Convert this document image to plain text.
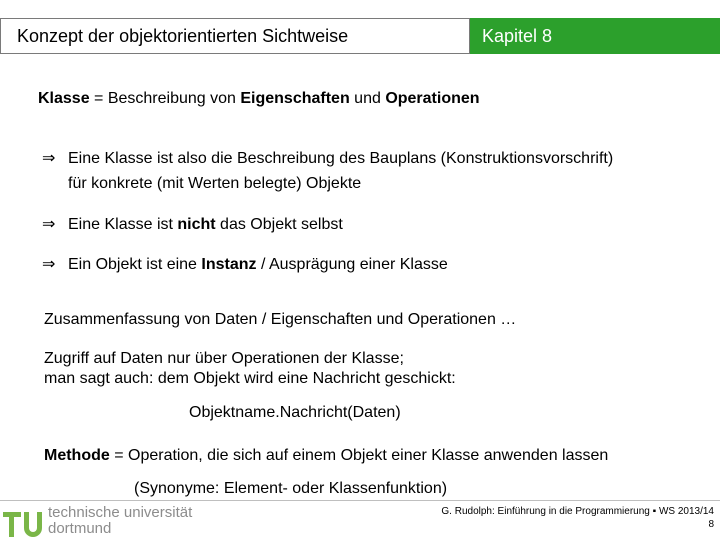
Konzept der objektorientierten Sichtweise	Kapitel 8
Klasse = Beschreibung von Eigenschaften und Operationen
⇒ Eine Klasse ist also die Beschreibung des Bauplans (Konstruktionsvorschrift)
für konkrete (mit Werten belegte) Objekte
⇒ Eine Klasse ist nicht das Objekt selbst
⇒ Ein Objekt ist eine Instanz / Ausprägung einer Klasse
Zusammenfassung von Daten / Eigenschaften und Operationen …
Zugriff auf Daten nur über Operationen der Klasse;
man sagt auch: dem Objekt wird eine Nachricht geschickt:
Objektname.Nachricht(Daten)
Methode = Operation, die sich auf einem Objekt einer Klasse anwenden lassen
(Synonyme: Element- oder Klassenfunktion)
technische universität
dortmund
G. Rudolph: Einführung in die Programmierung ▪ WS 2013/14
8
